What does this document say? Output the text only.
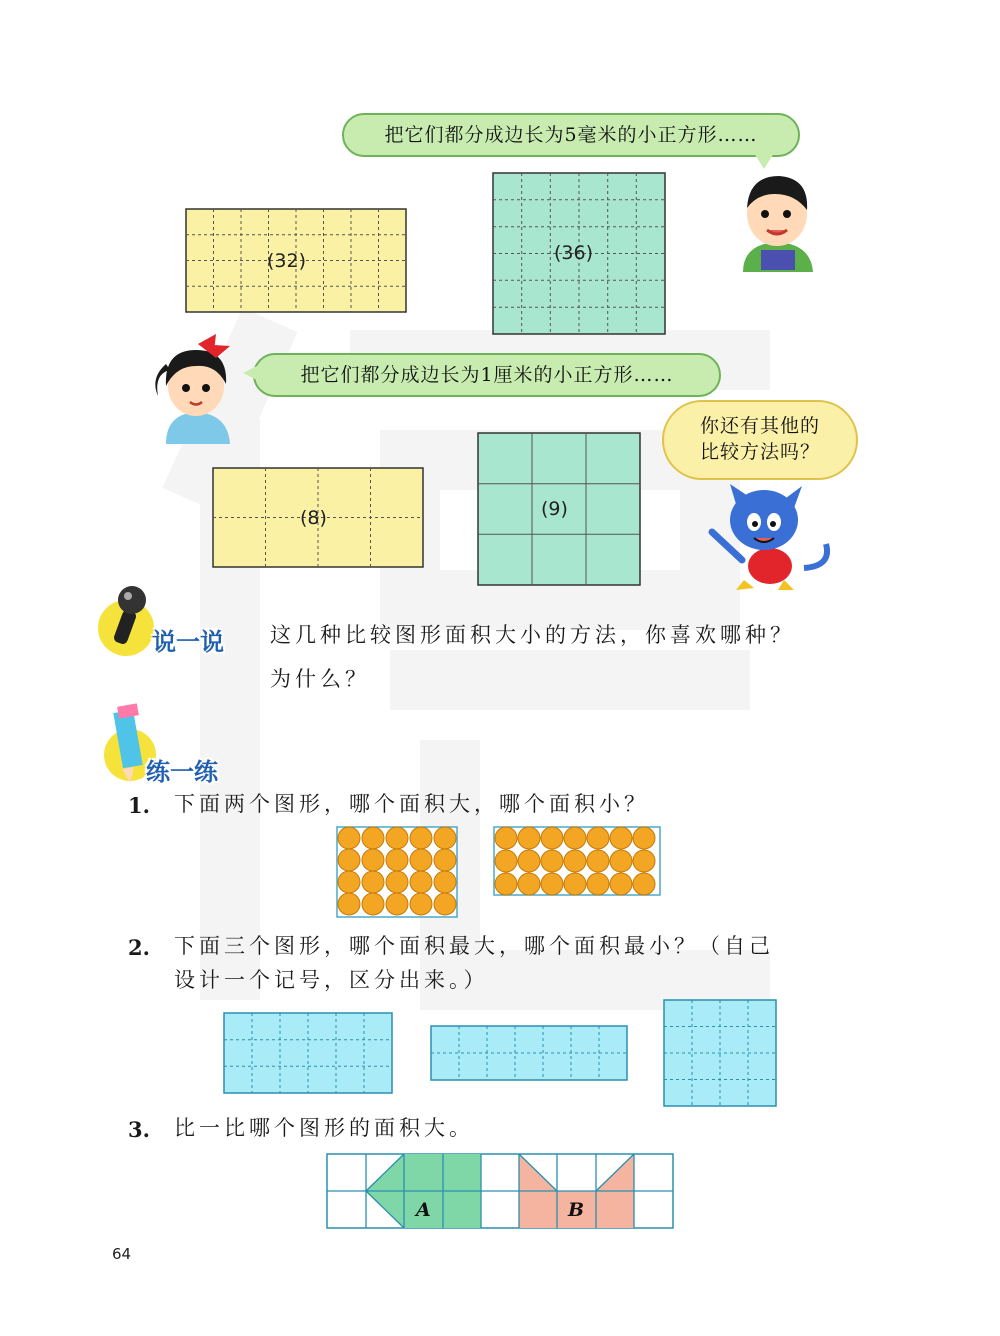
把它们都分成边长为5毫米的小正方形……
(32)	(36)
把它们都分成边长为1厘米的小正方形……
你还有其他的
比较方法吗？
(8)	(9)
说一说 这几种比较图形面积大小的方法，你喜欢哪种？
为什么？
练一练
1. 下面两个图形，哪个面积大，哪个面积小？
2. 下面三个图形，哪个面积最大，哪个面积最小？（自己
设计一个记号，区分出来。）
3. 比一比哪个图形的面积大。
A	B
64
